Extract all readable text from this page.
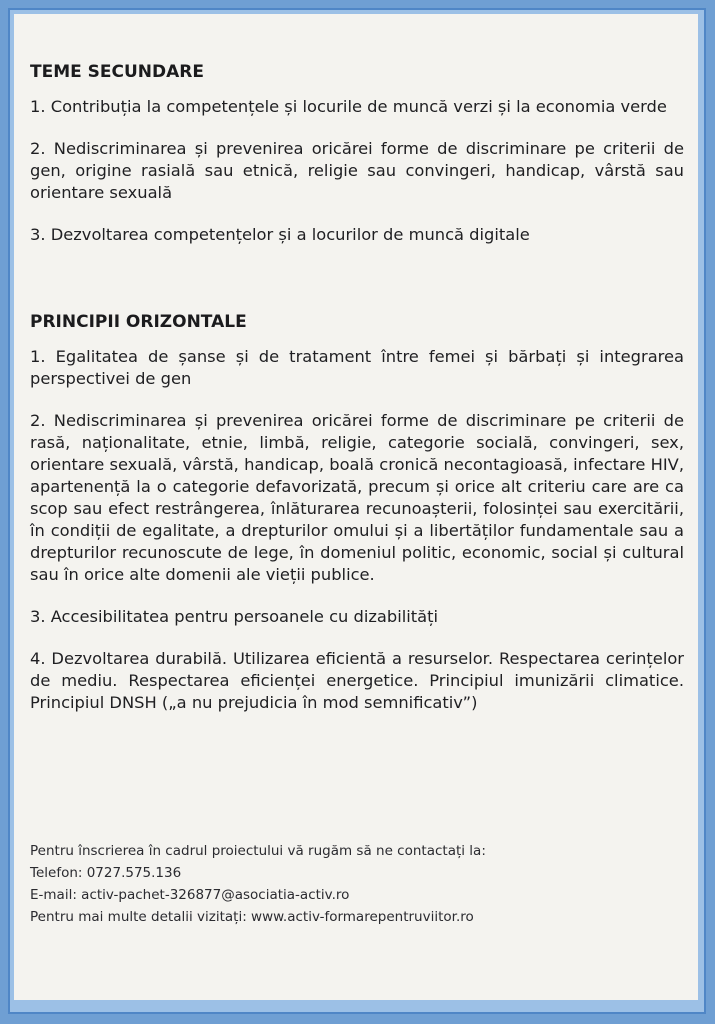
TEME SECUNDARE

1. Contribuția la competențele și locurile de muncă verzi și la economia verde

2. Nediscriminarea și prevenirea oricărei forme de discriminare pe criterii de gen, origine rasială sau etnică, religie sau convingeri, handicap, vârstă sau orientare sexuală

3. Dezvoltarea competențelor și a locurilor de muncă digitale

PRINCIPII ORIZONTALE

1. Egalitatea de șanse și de tratament între femei și bărbați și integrarea perspectivei de gen

2. Nediscriminarea și prevenirea oricărei forme de discriminare pe criterii de rasă, naționalitate, etnie, limbă, religie, categorie socială, convingeri, sex, orientare sexuală, vârstă, handicap, boală cronică necontagioasă, infectare HIV, apartenență la o categorie defavorizată, precum și orice alt criteriu care are ca scop sau efect restrângerea, înlăturarea recunoașterii, folosinței sau exercitării, în condiții de egalitate, a drepturilor omului și a libertăților fundamentale sau a drepturilor recunoscute de lege, în domeniul politic, economic, social și cultural sau în orice alte domenii ale vieții publice.

3. Accesibilitatea pentru persoanele cu dizabilități

4. Dezvoltarea durabilă. Utilizarea eficientă a resurselor. Respectarea cerințelor de mediu. Respectarea eficienței energetice. Principiul imunizării climatice. Principiul DNSH („a nu prejudicia în mod semnificativ”)

Pentru înscrierea în cadrul proiectului vă rugăm să ne contactați la:
Telefon: 0727.575.136
E-mail: activ-pachet-326877@asociatia-activ.ro
Pentru mai multe detalii vizitați: www.activ-formarepentruviitor.ro
